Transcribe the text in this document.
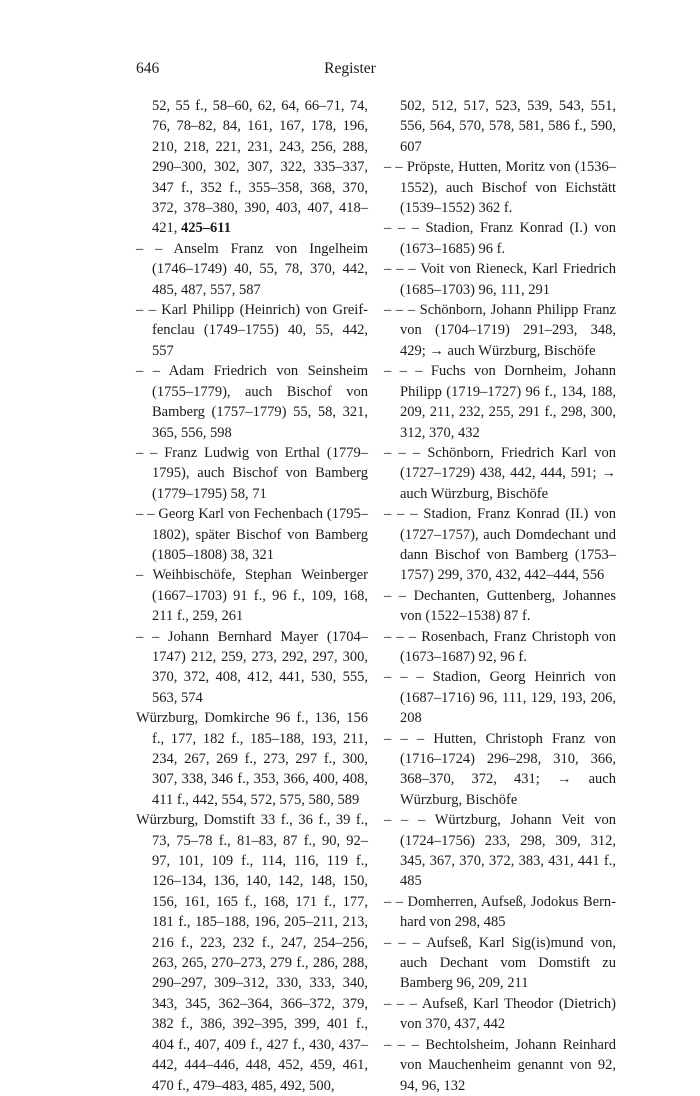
646	Register

52, 55 f., 58–60, 62, 64, 66–71, 74, 76, 78–82, 84, 161, 167, 178, 196, 210, 218, 221, 231, 243, 256, 288, 290–300, 302, 307, 322, 335–337, 347 f., 352 f., 355–358, 368, 370, 372, 378–380, 390, 403, 407, 418–421, 425–611

– – Anselm Franz von Ingelheim (1746–1749) 40, 55, 78, 370, 442, 485, 487, 557, 587

– – Karl Philipp (Heinrich) von Greiffenclau (1749–1755) 40, 55, 442, 557

– – Adam Friedrich von Seinsheim (1755–1779), auch Bischof von Bamberg (1757–1779) 55, 58, 321, 365, 556, 598

– – Franz Ludwig von Erthal (1779–1795), auch Bischof von Bamberg (1779–1795) 58, 71

– – Georg Karl von Fechenbach (1795–1802), später Bischof von Bamberg (1805–1808) 38, 321

– Weihbischöfe, Stephan Weinberger (1667–1703) 91 f., 96 f., 109, 168, 211 f., 259, 261

– – Johann Bernhard Mayer (1704–1747) 212, 259, 273, 292, 297, 300, 370, 372, 408, 412, 441, 530, 555, 563, 574

Würzburg, Domkirche 96 f., 136, 156 f., 177, 182 f., 185–188, 193, 211, 234, 267, 269 f., 273, 297 f., 300, 307, 338, 346 f., 353, 366, 400, 408, 411 f., 442, 554, 572, 575, 580, 589

Würzburg, Domstift 33 f., 36 f., 39 f., 73, 75–78 f., 81–83, 87 f., 90, 92–97, 101, 109 f., 114, 116, 119 f., 126–134, 136, 140, 142, 148, 150, 156, 161, 165 f., 168, 171 f., 177, 181 f., 185–188, 196, 205–211, 213, 216 f., 223, 232 f., 247, 254–256, 263, 265, 270–273, 279 f., 286, 288, 290–297, 309–312, 330, 333, 340, 343, 345, 362–364, 366–372, 379, 382 f., 386, 392–395, 399, 401 f., 404 f., 407, 409 f., 427 f., 430, 437–442, 444–446, 448, 452, 459, 461, 470 f., 479–483, 485, 492, 500,

502, 512, 517, 523, 539, 543, 551, 556, 564, 570, 578, 581, 586 f., 590, 607

– – Pröpste, Hutten, Moritz von (1536–1552), auch Bischof von Eichstätt (1539–1552) 362 f.

– – – Stadion, Franz Konrad (I.) von (1673–1685) 96 f.

– – – Voit von Rieneck, Karl Friedrich (1685–1703) 96, 111, 291

– – – Schönborn, Johann Philipp Franz von (1704–1719) 291–293, 348, 429; → auch Würzburg, Bischöfe

– – – Fuchs von Dornheim, Johann Philipp (1719–1727) 96 f., 134, 188, 209, 211, 232, 255, 291 f., 298, 300, 312, 370, 432

– – – Schönborn, Friedrich Karl von (1727–1729) 438, 442, 444, 591; → auch Würzburg, Bischöfe

– – – Stadion, Franz Konrad (II.) von (1727–1757), auch Domdechant und dann Bischof von Bamberg (1753–1757) 299, 370, 432, 442–444, 556

– – Dechanten, Guttenberg, Johannes von (1522–1538) 87 f.

– – – Rosenbach, Franz Christoph von (1673–1687) 92, 96 f.

– – – Stadion, Georg Heinrich von (1687–1716) 96, 111, 129, 193, 206, 208

– – – Hutten, Christoph Franz von (1716–1724) 296–298, 310, 366, 368–370, 372, 431; → auch Würzburg, Bischöfe

– – – Würtzburg, Johann Veit von (1724–1756) 233, 298, 309, 312, 345, 367, 370, 372, 383, 431, 441 f., 485

– – Domherren, Aufseß, Jodokus Bernhard von 298, 485

– – – Aufseß, Karl Sig(is)mund von, auch Dechant vom Domstift zu Bamberg 96, 209, 211

– – – Aufseß, Karl Theodor (Dietrich) von 370, 437, 442

– – – Bechtolsheim, Johann Reinhard von Mauchenheim genannt von 92, 94, 96, 132
